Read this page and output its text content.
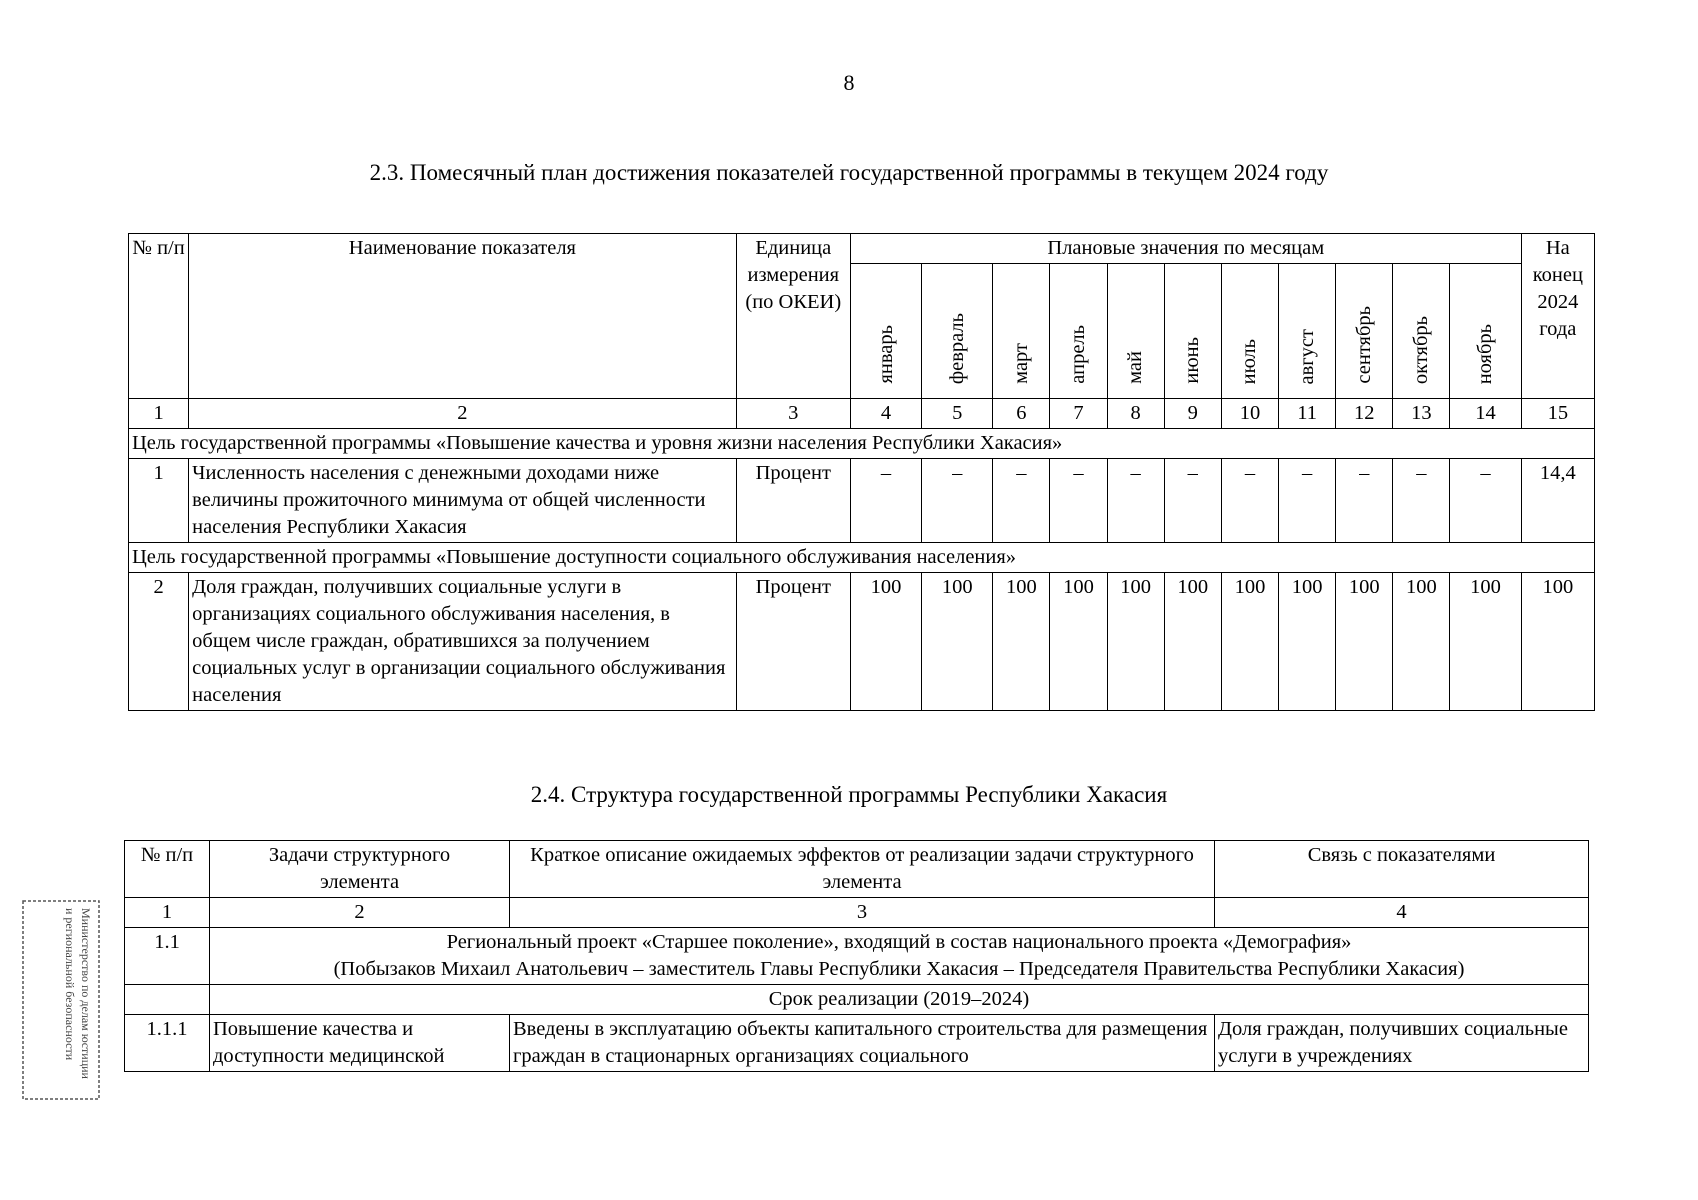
8
2.3. Помесячный план достижения показателей государственной программы в текущем 2024 году
№ п/п	Наименование показателя	Единица измерения (по ОКЕИ)	Плановые значения по месяцам											На конец 2024 года
			январь	февраль	март	апрель	май	июнь	июль	август	сентябрь	октябрь	ноябрь	
1	2	3	4	5	6	7	8	9	10	11	12	13	14	15
Цель государственной программы «Повышение качества и уровня жизни населения Республики Хакасия»														
1	Численность населения с денежными доходами ниже величины прожиточного минимума от общей численности населения Республики Хакасия	Процент	–	–	–	–	–	–	–	–	–	–	–	14,4
Цель государственной программы «Повышение доступности социального обслуживания населения»														
2	Доля граждан, получивших социальные услуги в организациях социального обслуживания населения, в общем числе граждан, обратившихся за получением социальных услуг в организации социального обслуживания населения	Процент	100	100	100	100	100	100	100	100	100	100	100	100
2.4. Структура государственной программы Республики Хакасия
№ п/п	Задачи структурного элемента	Краткое описание ожидаемых эффектов от реализации задачи структурного элемента	Связь с показателями
1	2	3	4
1.1	Региональный проект «Старшее поколение», входящий в состав национального проекта «Демография»
(Побызаков Михаил Анатольевич – заместитель Главы Республики Хакасия – Председателя Правительства Республики Хакасия)		

	Срок реализации (2019–2024)		
1.1.1	Повышение качества и доступности медицинской	Введены в эксплуатацию объекты капитального строительства для размещения граждан в стационарных организациях социального	Доля граждан, получивших социальные услуги в учреждениях
Министерство по делам юстиции
и региональной безопасности
